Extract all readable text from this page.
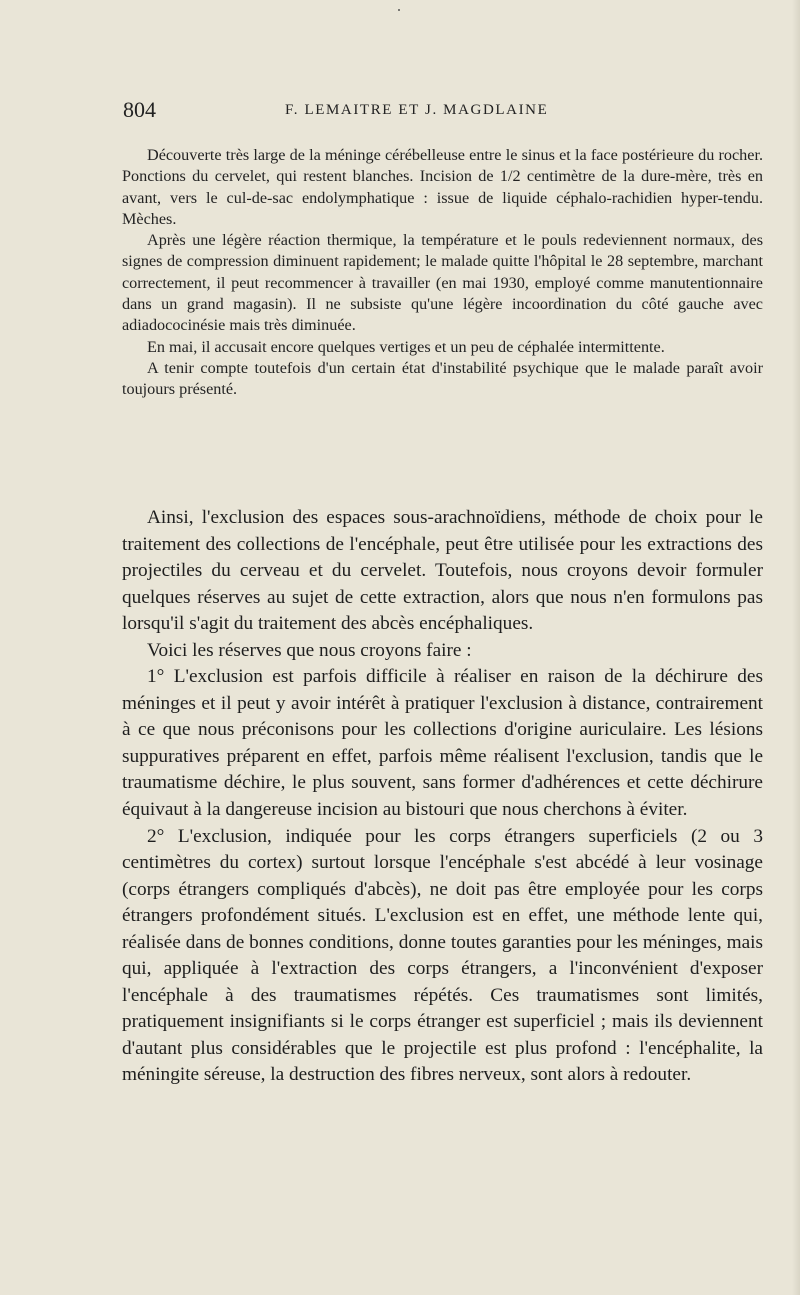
804	F. LEMAITRE ET J. MAGDLAINE

Découverte très large de la méninge cérébelleuse entre le sinus et la face postérieure du rocher. Ponctions du cervelet, qui restent blanches. Incision de 1/2 centimètre de la dure-mère, très en avant, vers le cul-de-sac endolymphatique : issue de liquide céphalo-rachidien hyper-tendu. Mèches.

Après une légère réaction thermique, la température et le pouls redeviennent normaux, des signes de compression diminuent rapidement; le malade quitte l'hôpital le 28 septembre, marchant correctement, il peut recommencer à travailler (en mai 1930, employé comme manutentionnaire dans un grand magasin). Il ne subsiste qu'une légère incoordination du côté gauche avec adiadococinésie mais très diminuée.

En mai, il accusait encore quelques vertiges et un peu de céphalée intermittente.

A tenir compte toutefois d'un certain état d'instabilité psychique que le malade paraît avoir toujours présenté.

Ainsi, l'exclusion des espaces sous-arachnoïdiens, méthode de choix pour le traitement des collections de l'encéphale, peut être utilisée pour les extractions des projectiles du cerveau et du cervelet. Toutefois, nous croyons devoir formuler quelques réserves au sujet de cette extraction, alors que nous n'en formulons pas lorsqu'il s'agit du traitement des abcès encéphaliques.

Voici les réserves que nous croyons faire :

1° L'exclusion est parfois difficile à réaliser en raison de la déchirure des méninges et il peut y avoir intérêt à pratiquer l'exclusion à distance, contrairement à ce que nous préconisons pour les collections d'origine auriculaire. Les lésions suppuratives préparent en effet, parfois même réalisent l'exclusion, tandis que le traumatisme déchire, le plus souvent, sans former d'adhérences et cette déchirure équivaut à la dangereuse incision au bistouri que nous cherchons à éviter.

2° L'exclusion, indiquée pour les corps étrangers superficiels (2 ou 3 centimètres du cortex) surtout lorsque l'encéphale s'est abcédé à leur vosinage (corps étrangers compliqués d'abcès), ne doit pas être employée pour les corps étrangers profondément situés. L'exclusion est en effet, une méthode lente qui, réalisée dans de bonnes conditions, donne toutes garanties pour les méninges, mais qui, appliquée à l'extraction des corps étrangers, a l'inconvénient d'exposer l'encéphale à des traumatismes répétés. Ces traumatismes sont limités, pratiquement insignifiants si le corps étranger est superficiel ; mais ils deviennent d'autant plus considérables que le projectile est plus profond : l'encéphalite, la méningite séreuse, la destruction des fibres nerveux, sont alors à redouter.
